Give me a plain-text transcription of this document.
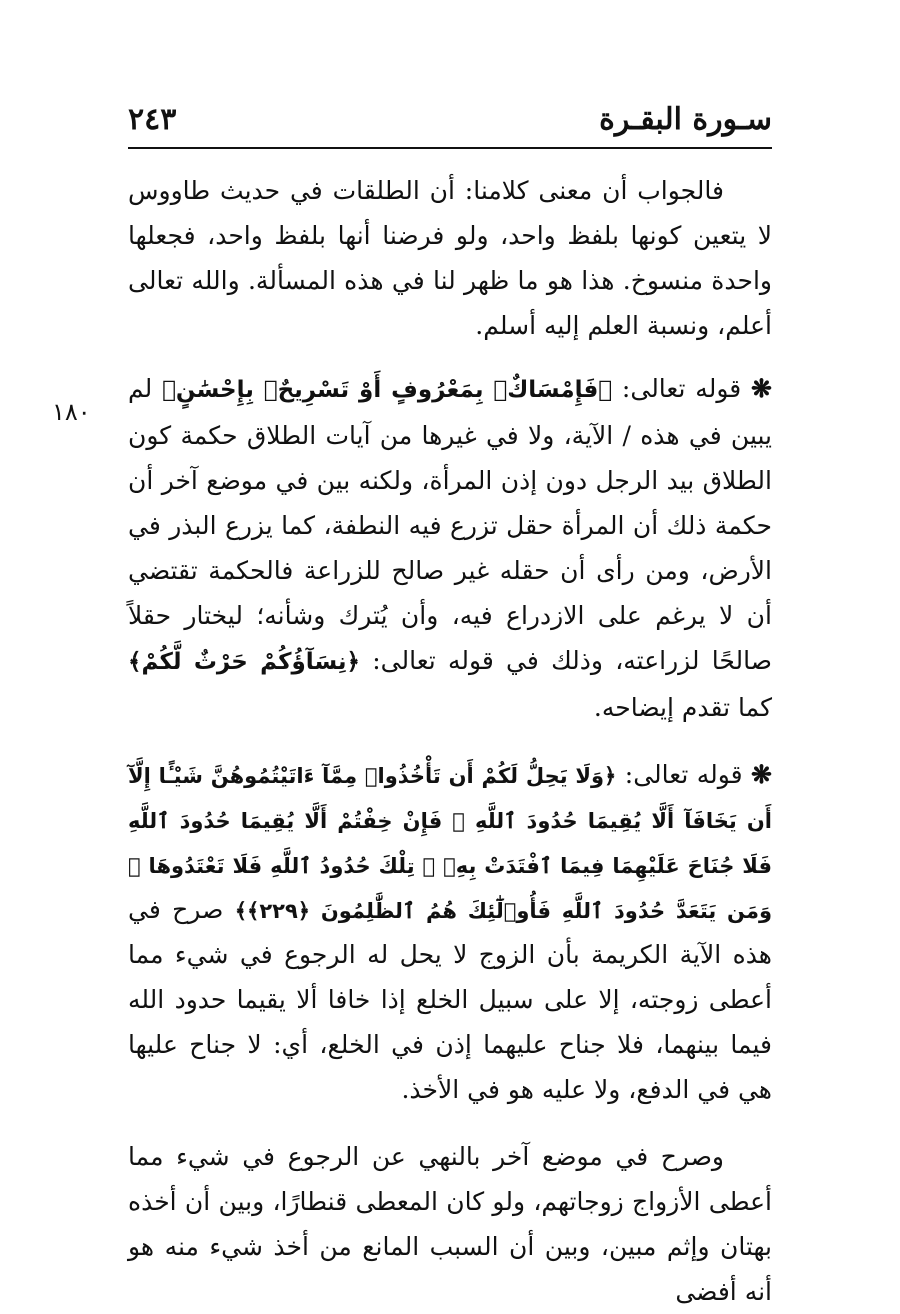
سـورة البقـرة
٢٤٣
١٨٠

فالجواب أن معنى كلامنا: أن الطلقات في حديث طاووس لا يتعين كونها بلفظ واحد، ولو فرضنا أنها بلفظ واحد، فجعلها واحدة منسوخ. هذا هو ما ظهر لنا في هذه المسألة. والله تعالى أعلم، ونسبة العلم إليه أسلم.

❋ قوله تعالى: ﴿فَإِمْسَاكٌۢ بِمَعْرُوفٍ أَوْ تَسْرِيحٌۢ بِإِحْسَٰنٍ﴾ لم يبين في هذه / الآية، ولا في غيرها من آيات الطلاق حكمة كون الطلاق بيد الرجل دون إذن المرأة، ولكنه بين في موضع آخر أن حكمة ذلك أن المرأة حقل تزرع فيه النطفة، كما يزرع البذر في الأرض، ومن رأى أن حقله غير صالح للزراعة فالحكمة تقتضي أن لا يرغم على الازدراع فيه، وأن يُترك وشأنه؛ ليختار حقلاً صالحًا لزراعته، وذلك في قوله تعالى: ﴿نِسَآؤُكُمْ حَرْثٌ لَّكُمْ﴾ كما تقدم إيضاحه.

❋ قوله تعالى: ﴿وَلَا يَحِلُّ لَكُمْ أَن تَأْخُذُوا۟ مِمَّآ ءَاتَيْتُمُوهُنَّ شَيْـًٔا إِلَّآ أَن يَخَافَآ أَلَّا يُقِيمَا حُدُودَ ٱللَّهِ ۖ فَإِنْ خِفْتُمْ أَلَّا يُقِيمَا حُدُودَ ٱللَّهِ فَلَا جُنَاحَ عَلَيْهِمَا فِيمَا ٱفْتَدَتْ بِهِۦ ۗ تِلْكَ حُدُودُ ٱللَّهِ فَلَا تَعْتَدُوهَا ۚ وَمَن يَتَعَدَّ حُدُودَ ٱللَّهِ فَأُو۟لَٰٓئِكَ هُمُ ٱلظَّٰلِمُونَ ﴿٢٢٩﴾﴾ صرح في هذه الآية الكريمة بأن الزوج لا يحل له الرجوع في شيء مما أعطى زوجته، إلا على سبيل الخلع إذا خافا ألا يقيما حدود الله فيما بينهما، فلا جناح عليهما إذن في الخلع، أي: لا جناح عليها هي في الدفع، ولا عليه هو في الأخذ.

وصرح في موضع آخر بالنهي عن الرجوع في شيء مما أعطى الأزواج زوجاتهم، ولو كان المعطى قنطارًا، وبين أن أخذه بهتان وإثم مبين، وبين أن السبب المانع من أخذ شيء منه هو أنه أفضى
